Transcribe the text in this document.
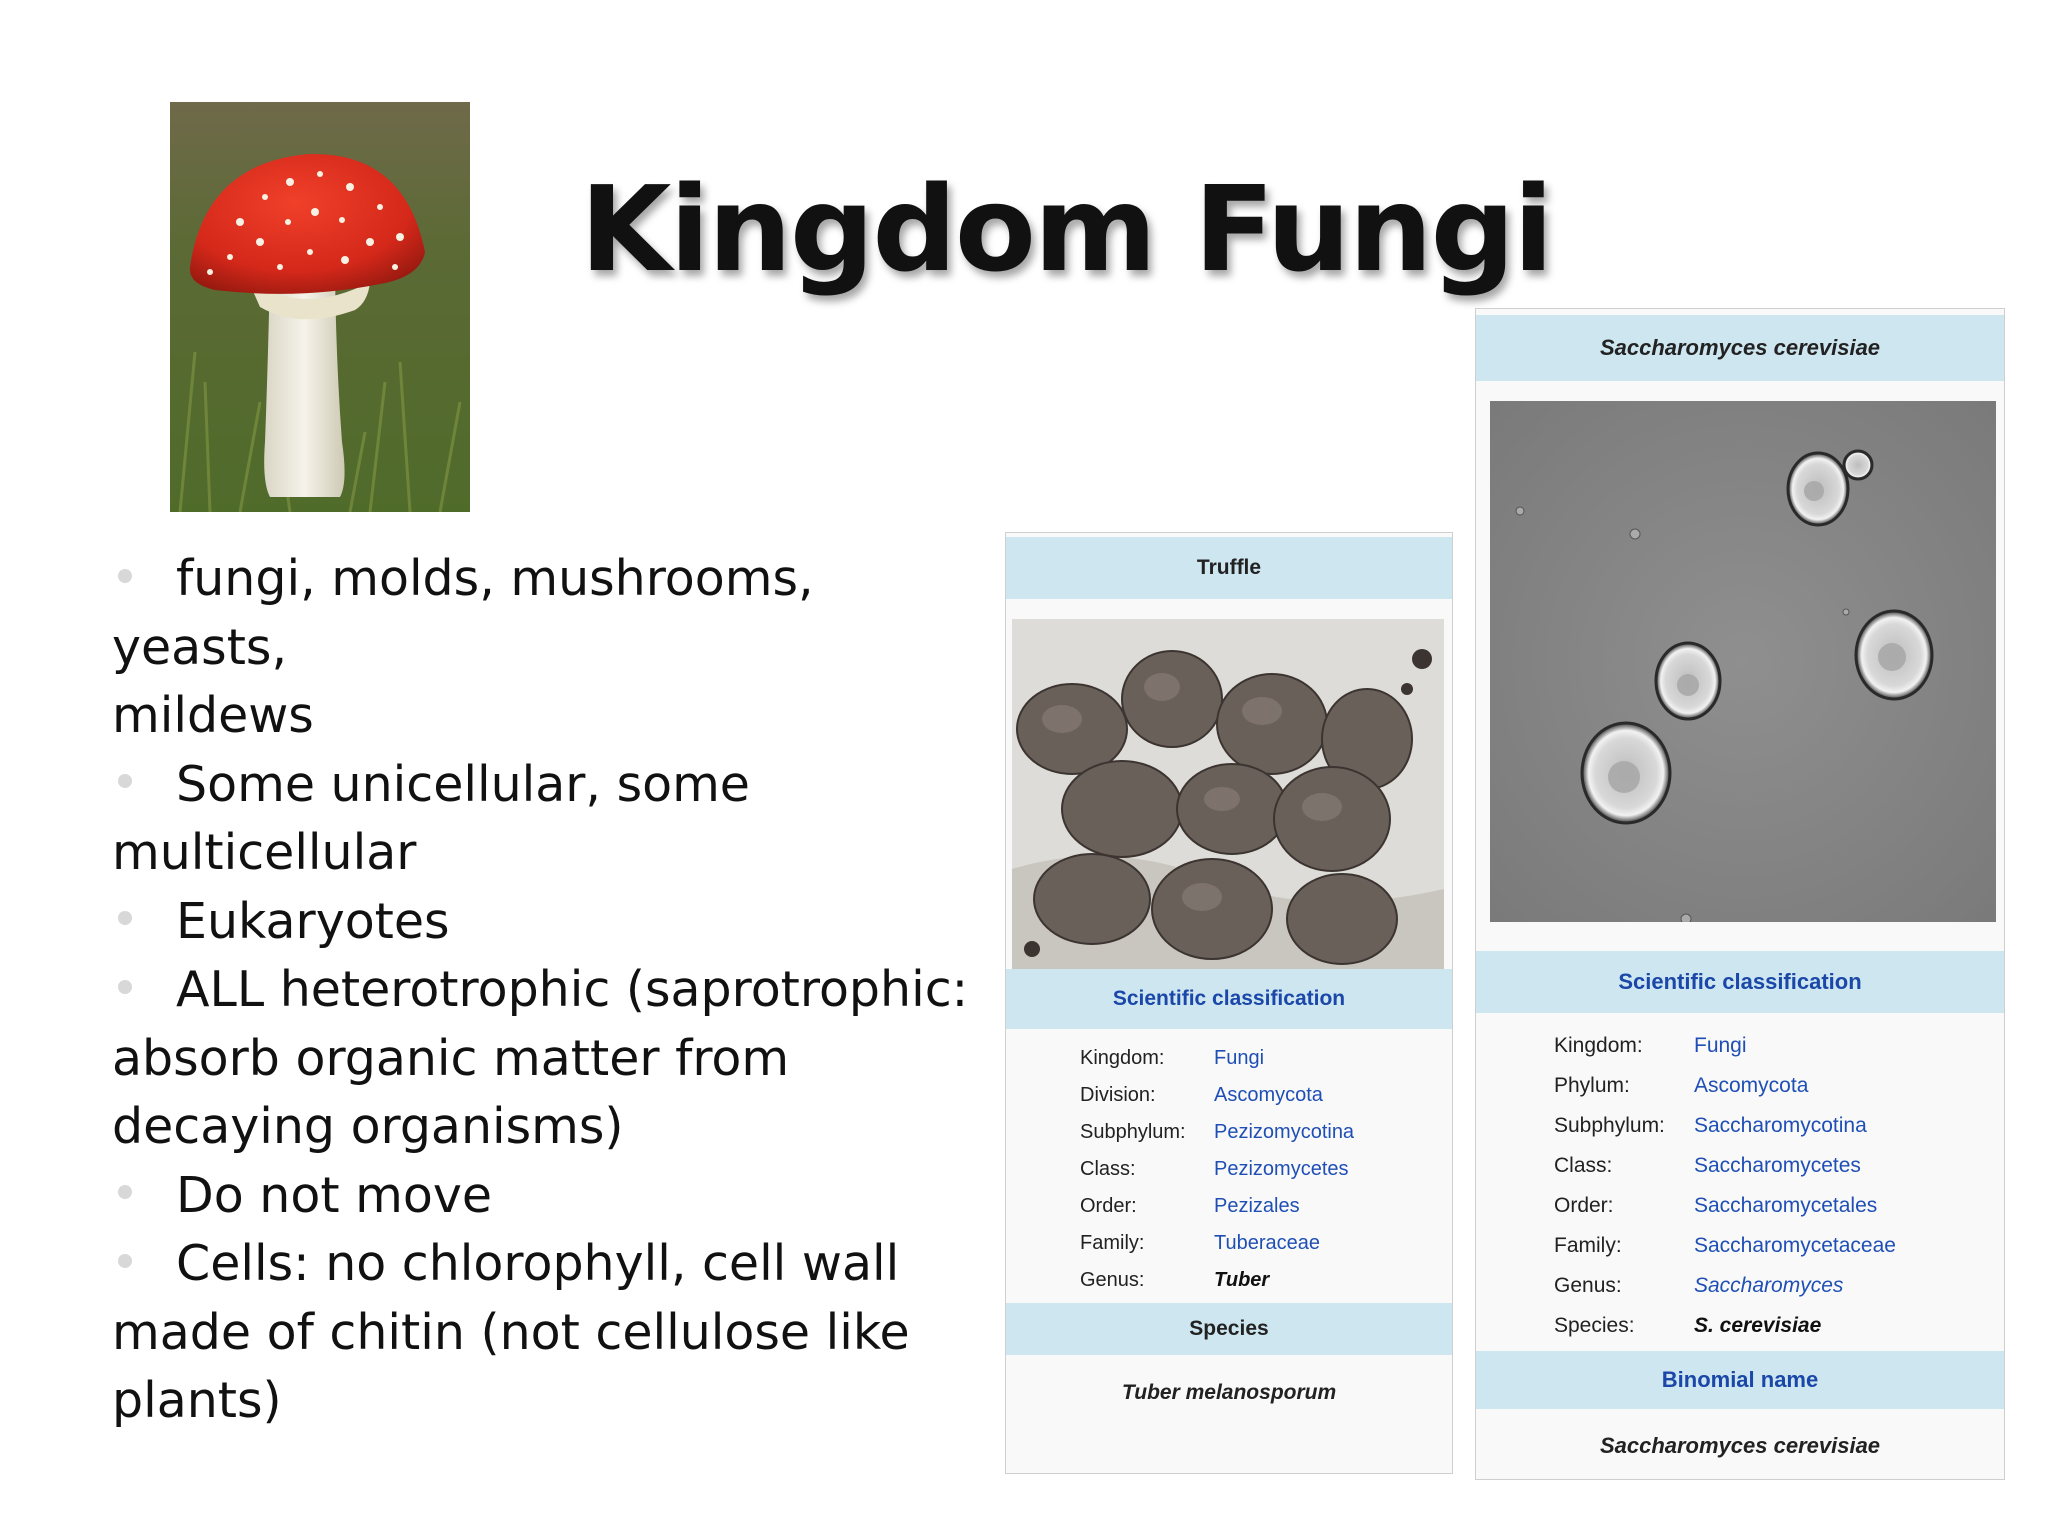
Kingdom Fungi
fungi, molds, mushrooms, yeasts,
mildews
Some unicellular, some
multicellular
Eukaryotes
ALL heterotrophic (saprotrophic:
absorb organic matter from
decaying organisms)
Do not move
Cells: no chlorophyll, cell wall
made of chitin (not cellulose like
plants)
Truffle
Scientific classification
Kingdom:	Fungi
Division:	Ascomycota
Subphylum:	Pezizomycotina
Class:	Pezizomycetes
Order:	Pezizales
Family:	Tuberaceae
Genus:	Tuber
Species
Tuber melanosporum
Saccharomyces cerevisiae
Scientific classification
Kingdom:	Fungi
Phylum:	Ascomycota
Subphylum:	Saccharomycotina
Class:	Saccharomycetes
Order:	Saccharomycetales
Family:	Saccharomycetaceae
Genus:	Saccharomyces
Species:	S. cerevisiae
Binomial name
Saccharomyces cerevisiae
